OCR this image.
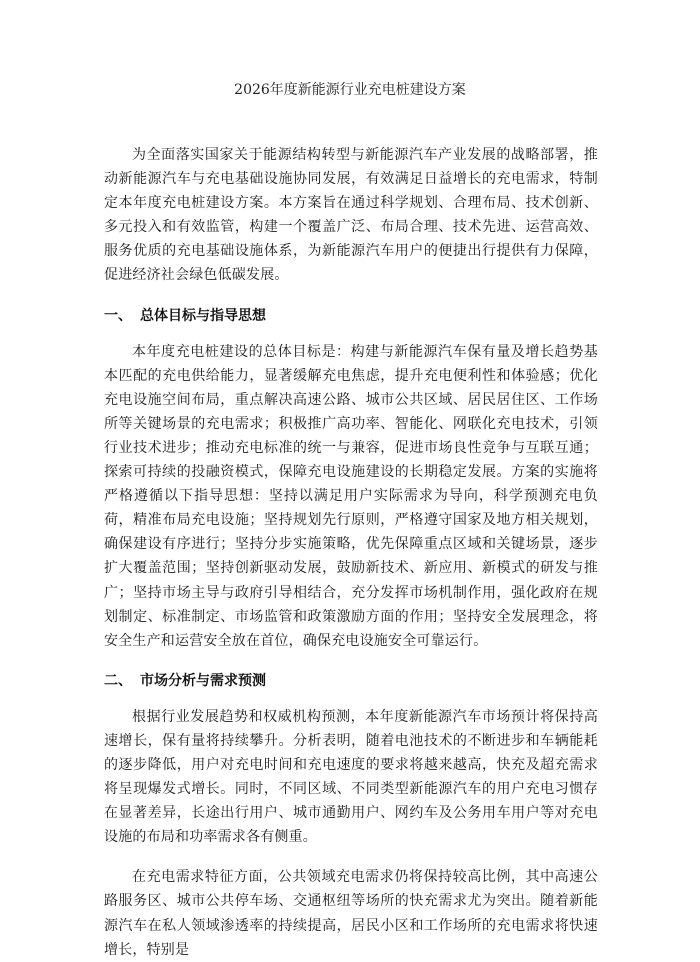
2026年度新能源行业充电桩建设方案

为全面落实国家关于能源结构转型与新能源汽车产业发展的战略部署，推动新能源汽车与充电基础设施协同发展，有效满足日益增长的充电需求，特制定本年度充电桩建设方案。本方案旨在通过科学规划、合理布局、技术创新、多元投入和有效监管，构建一个覆盖广泛、布局合理、技术先进、运营高效、服务优质的充电基础设施体系，为新能源汽车用户的便捷出行提供有力保障，促进经济社会绿色低碳发展。

一、 总体目标与指导思想

本年度充电桩建设的总体目标是：构建与新能源汽车保有量及增长趋势基本匹配的充电供给能力，显著缓解充电焦虑，提升充电便利性和体验感；优化充电设施空间布局，重点解决高速公路、城市公共区域、居民居住区、工作场所等关键场景的充电需求；积极推广高功率、智能化、网联化充电技术，引领行业技术进步；推动充电标准的统一与兼容，促进市场良性竞争与互联互通；探索可持续的投融资模式，保障充电设施建设的长期稳定发展。方案的实施将严格遵循以下指导思想：坚持以满足用户实际需求为导向，科学预测充电负荷，精准布局充电设施；坚持规划先行原则，严格遵守国家及地方相关规划，确保建设有序进行；坚持分步实施策略，优先保障重点区域和关键场景，逐步扩大覆盖范围；坚持创新驱动发展，鼓励新技术、新应用、新模式的研发与推广；坚持市场主导与政府引导相结合，充分发挥市场机制作用，强化政府在规划制定、标准制定、市场监管和政策激励方面的作用；坚持安全发展理念，将安全生产和运营安全放在首位，确保充电设施安全可靠运行。

二、 市场分析与需求预测

根据行业发展趋势和权威机构预测，本年度新能源汽车市场预计将保持高速增长，保有量将持续攀升。分析表明，随着电池技术的不断进步和车辆能耗的逐步降低，用户对充电时间和充电速度的要求将越来越高，快充及超充需求将呈现爆发式增长。同时，不同区域、不同类型新能源汽车的用户充电习惯存在显著差异，长途出行用户、城市通勤用户、网约车及公务用车用户等对充电设施的布局和功率需求各有侧重。

在充电需求特征方面，公共领域充电需求仍将保持较高比例，其中高速公路服务区、城市公共停车场、交通枢纽等场所的快充需求尤为突出。随着新能源汽车在私人领域渗透率的持续提高，居民小区和工作场所的充电需求将快速增长，特别是
